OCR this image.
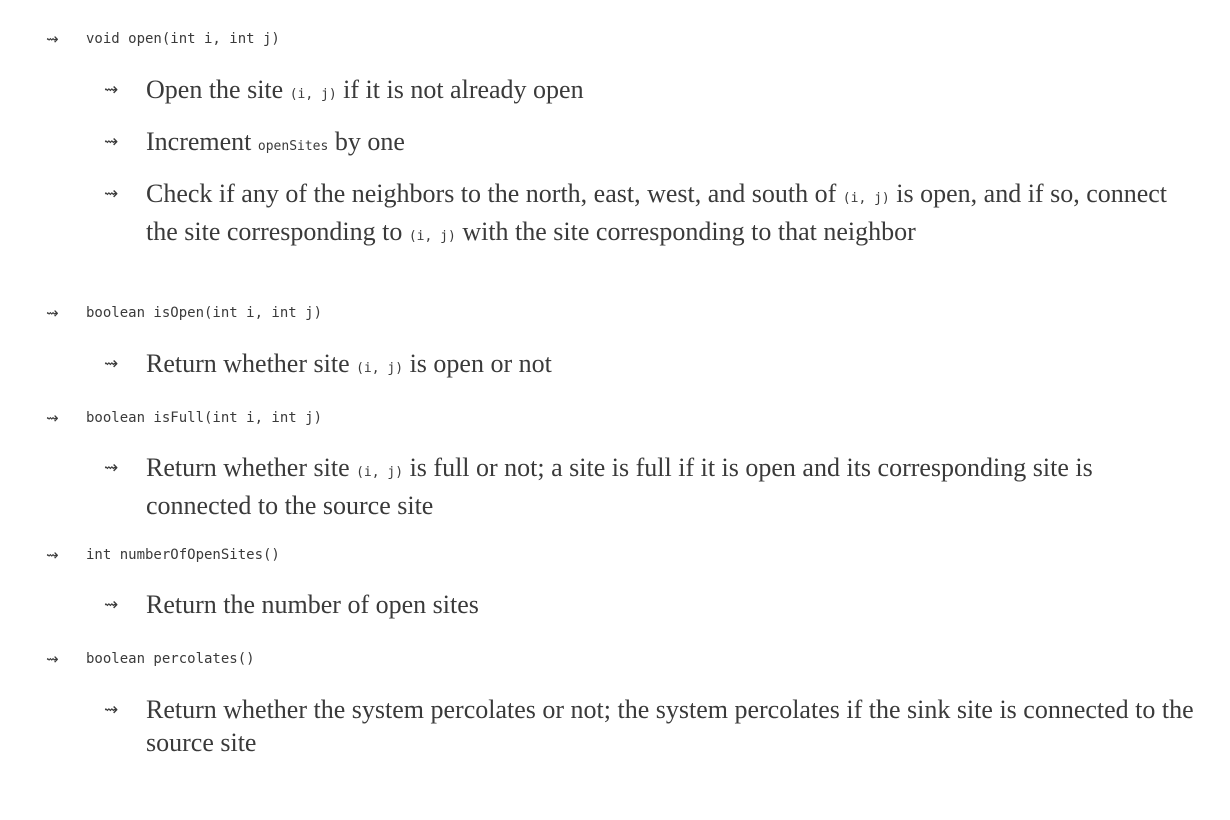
⇝	void open(int i, int j)
⇝	Open the site (i, j) if it is not already open
⇝	Increment openSites by one
⇝	Check if any of the neighbors to the north, east, west, and south of (i, j) is open, and if so, connect the site corresponding to (i, j) with the site corresponding to that neighbor
⇝	boolean isOpen(int i, int j)
⇝	Return whether site (i, j) is open or not
⇝	boolean isFull(int i, int j)
⇝	Return whether site (i, j) is full or not; a site is full if it is open and its corresponding site is connected to the source site
⇝	int numberOfOpenSites()
⇝	Return the number of open sites
⇝	boolean percolates()
⇝	Return whether the system percolates or not; the system percolates if the sink site is connected to the source site
